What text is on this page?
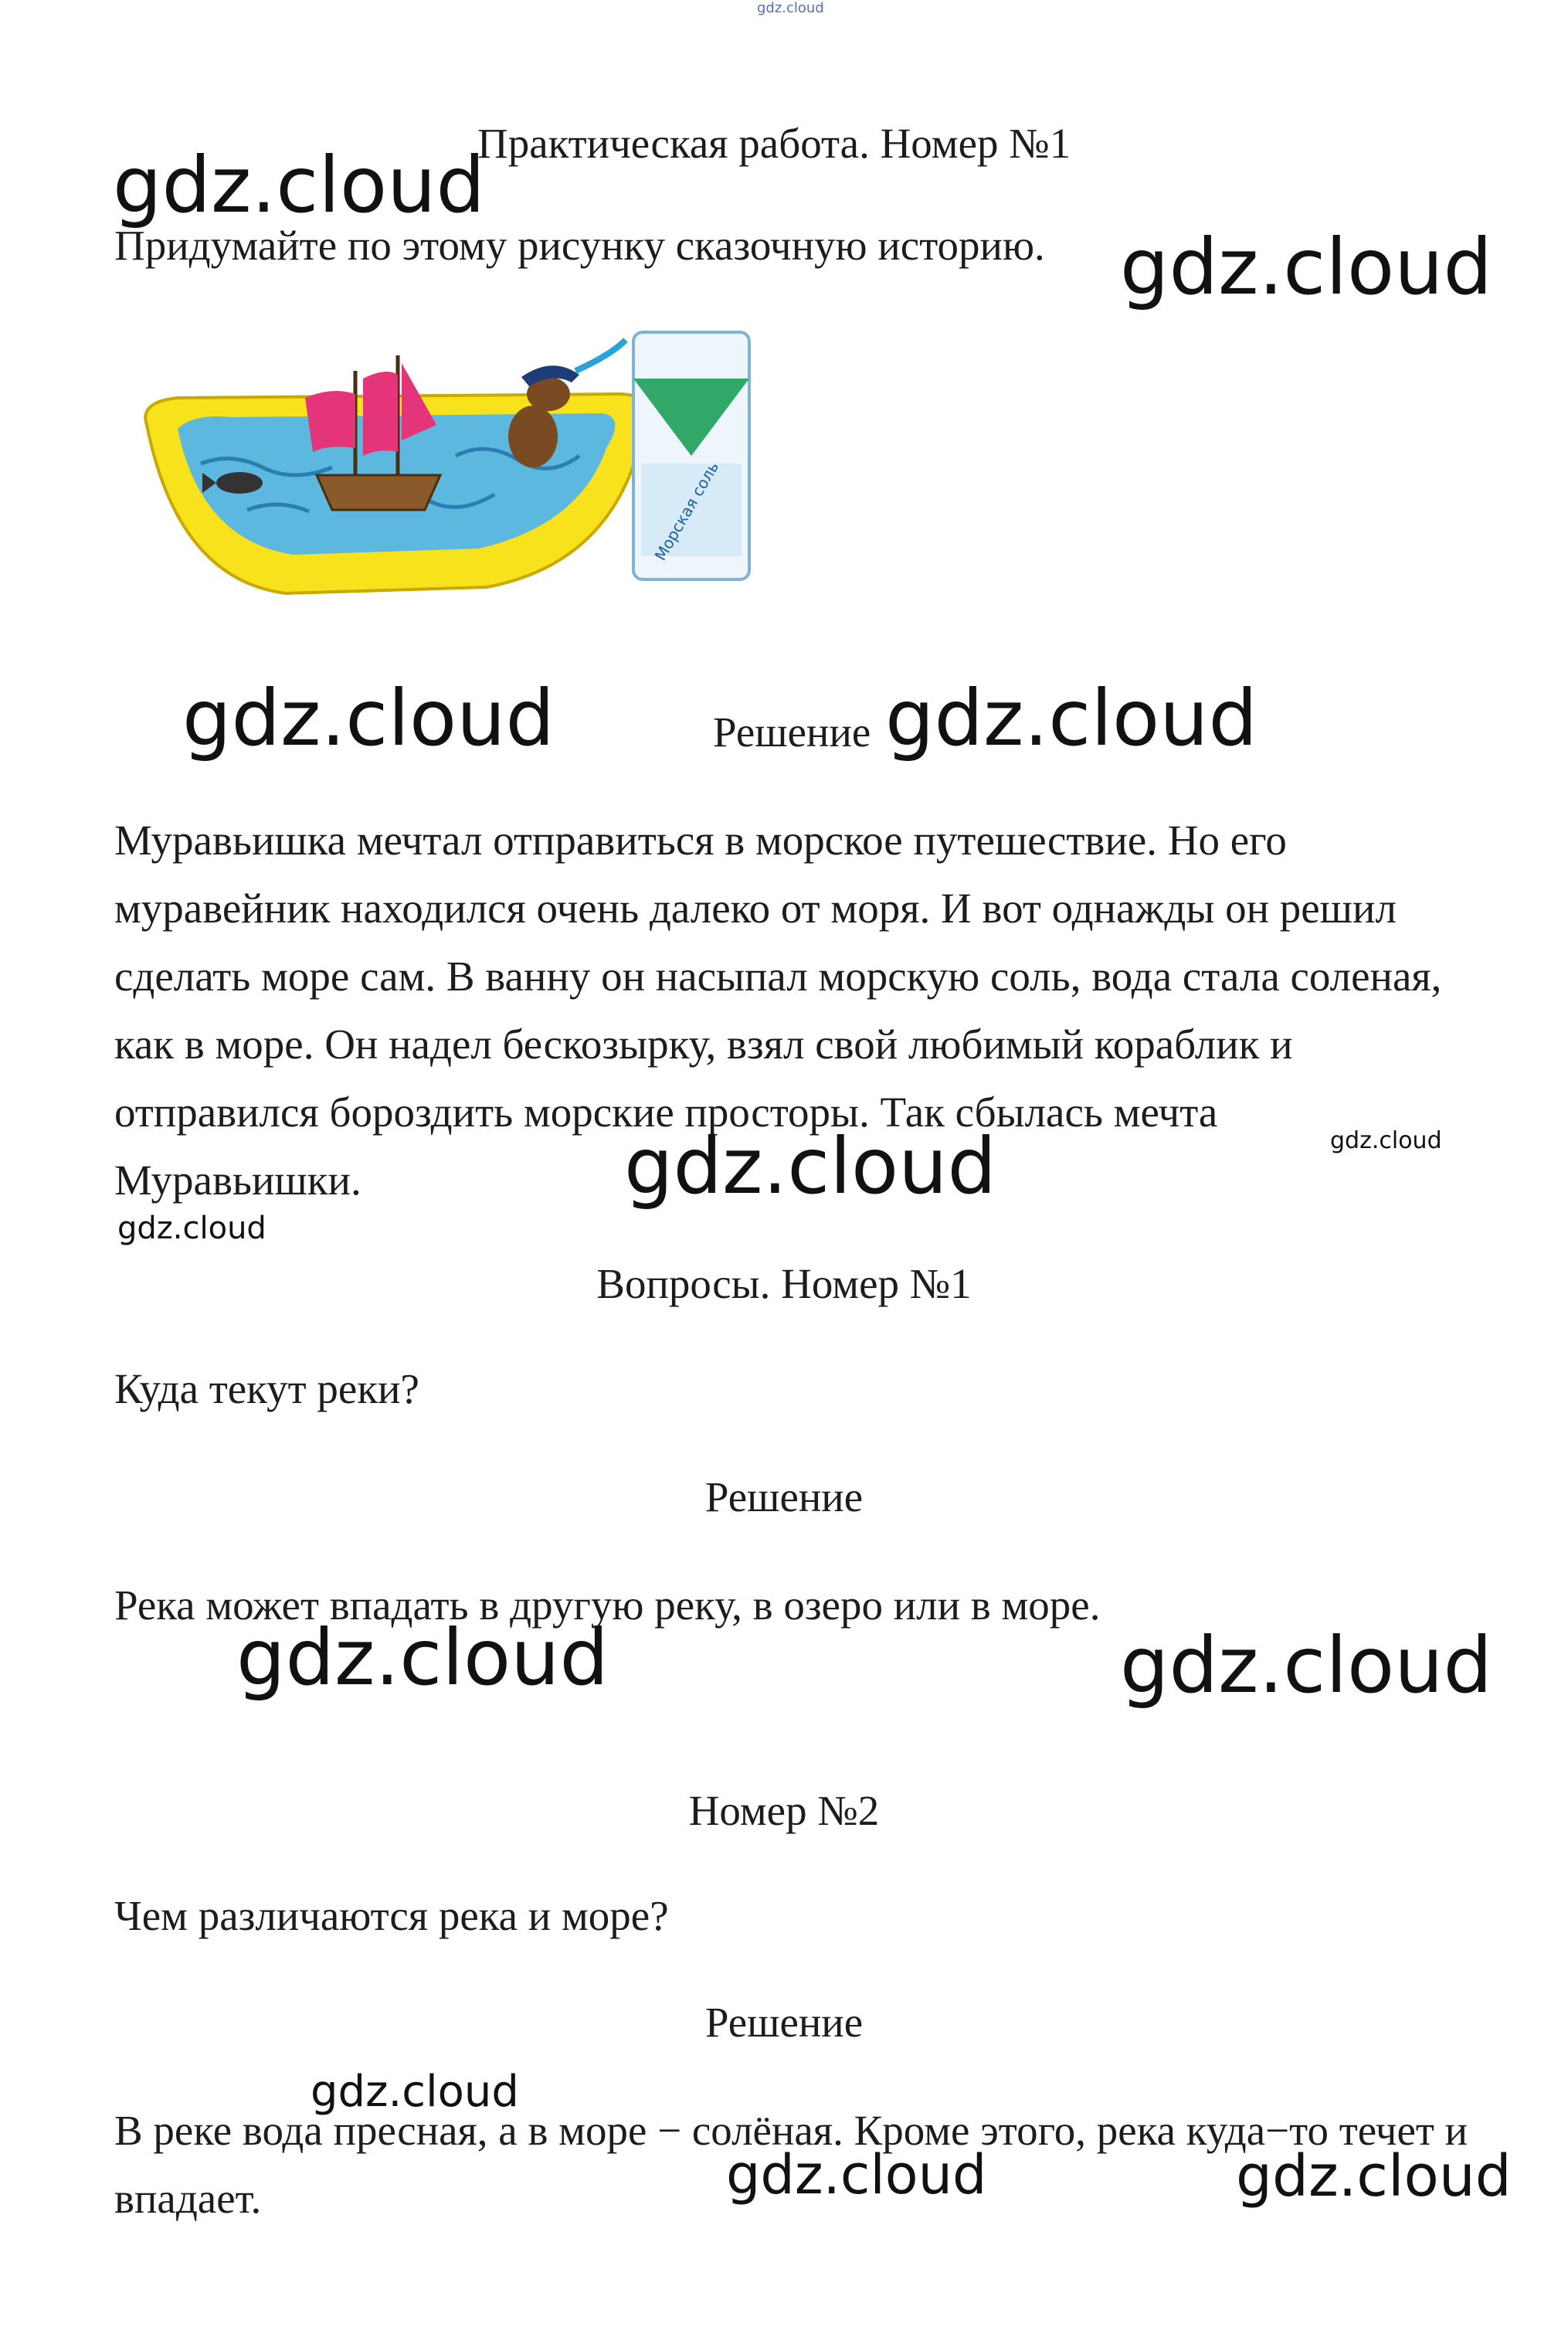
gdz.cloud
Практическая работа. Номер №1
gdz.cloud
Придумайте по этому рисунку сказочную историю. gdz.cloud
Морская соль
gdz.cloud	Решение gdz.cloud
Муравьишка мечтал отправиться в морское путешествие. Но его муравейник находился очень далеко от моря. И вот однажды он решил сделать море сам. В ванну он насыпал морскую соль, вода стала соленая, как в море. Он надел бескозырку, взял свой любимый кораблик и отправился бороздить морские просторы. Так сбылась мечта Муравьишки.
gdz.cloud
gdz.cloud
gdz.cloud
Вопросы. Номер №1
Куда текут реки?
Решение
Река может впадать в другую реку, в озеро или в море.
gdz.cloud	gdz.cloud
Номер №2
Чем различаются река и море?
Решение
gdz.cloud
В реке вода пресная, а в море − солёная. Кроме этого, река куда−то течет и впадает.	gdz.cloud	gdz.cloud
